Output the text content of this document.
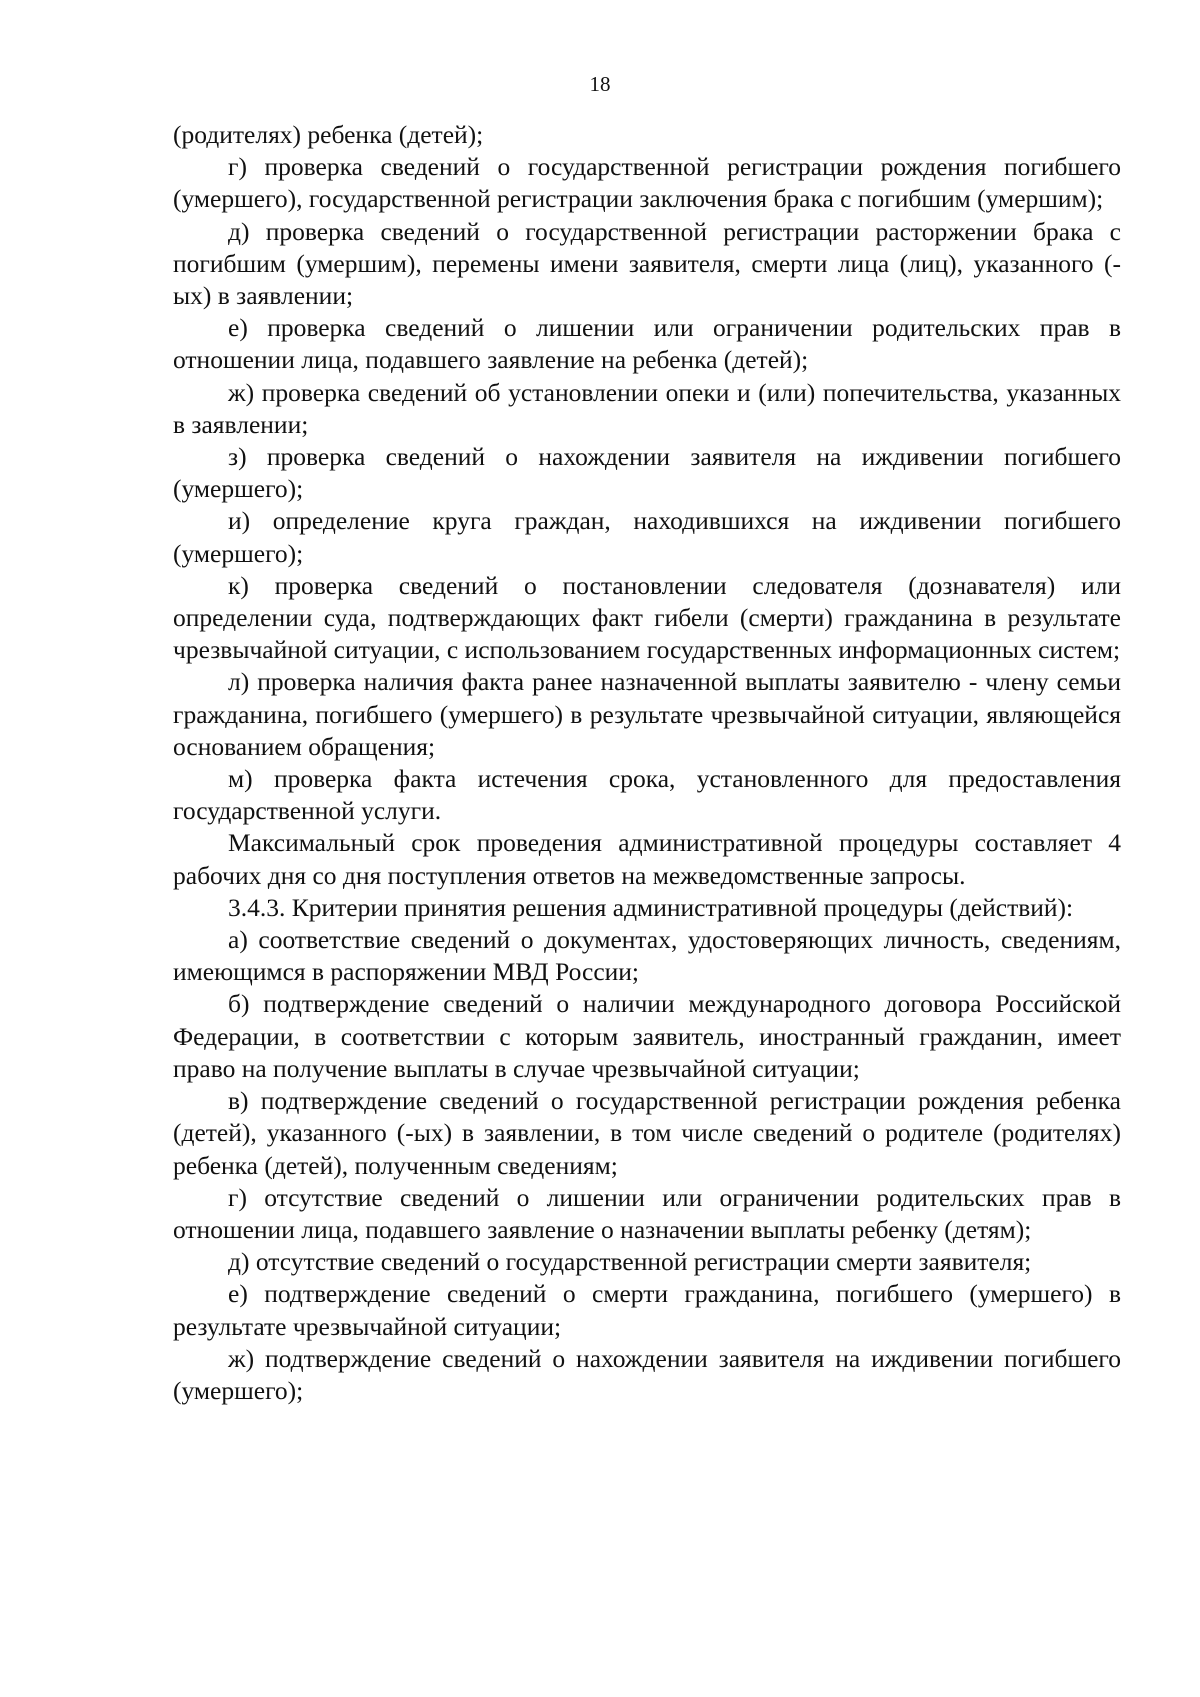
18

(родителях) ребенка (детей);

г) проверка сведений о государственной регистрации рождения погибшего (умершего), государственной регистрации заключения брака с погибшим (умершим);

д) проверка сведений о государственной регистрации расторжении брака с погибшим (умершим), перемены имени заявителя, смерти лица (лиц), указанного (-ых) в заявлении;

е) проверка сведений о лишении или ограничении родительских прав в отношении лица, подавшего заявление на ребенка (детей);

ж) проверка сведений об установлении опеки и (или) попечительства, указанных в заявлении;

з) проверка сведений о нахождении заявителя на иждивении погибшего (умершего);

и) определение круга граждан, находившихся на иждивении погибшего (умершего);

к) проверка сведений о постановлении следователя (дознавателя) или определении суда, подтверждающих факт гибели (смерти) гражданина в результате чрезвычайной ситуации, с использованием государственных информационных систем;

л) проверка наличия факта ранее назначенной выплаты заявителю - члену семьи гражданина, погибшего (умершего) в результате чрезвычайной ситуации, являющейся основанием обращения;

м) проверка факта истечения срока, установленного для предоставления государственной услуги.

Максимальный срок проведения административной процедуры составляет 4 рабочих дня со дня поступления ответов на межведомственные запросы.

3.4.3. Критерии принятия решения административной процедуры (действий):

а) соответствие сведений о документах, удостоверяющих личность, сведениям, имеющимся в распоряжении МВД России;

б) подтверждение сведений о наличии международного договора Российской Федерации, в соответствии с которым заявитель, иностранный гражданин, имеет право на получение выплаты в случае чрезвычайной ситуации;

в) подтверждение сведений о государственной регистрации рождения ребенка (детей), указанного (-ых) в заявлении, в том числе сведений о родителе (родителях) ребенка (детей), полученным сведениям;

г) отсутствие сведений о лишении или ограничении родительских прав в отношении лица, подавшего заявление о назначении выплаты ребенку (детям);

д) отсутствие сведений о государственной регистрации смерти заявителя;

е) подтверждение сведений о смерти гражданина, погибшего (умершего) в результате чрезвычайной ситуации;

ж) подтверждение сведений о нахождении заявителя на иждивении погибшего (умершего);
